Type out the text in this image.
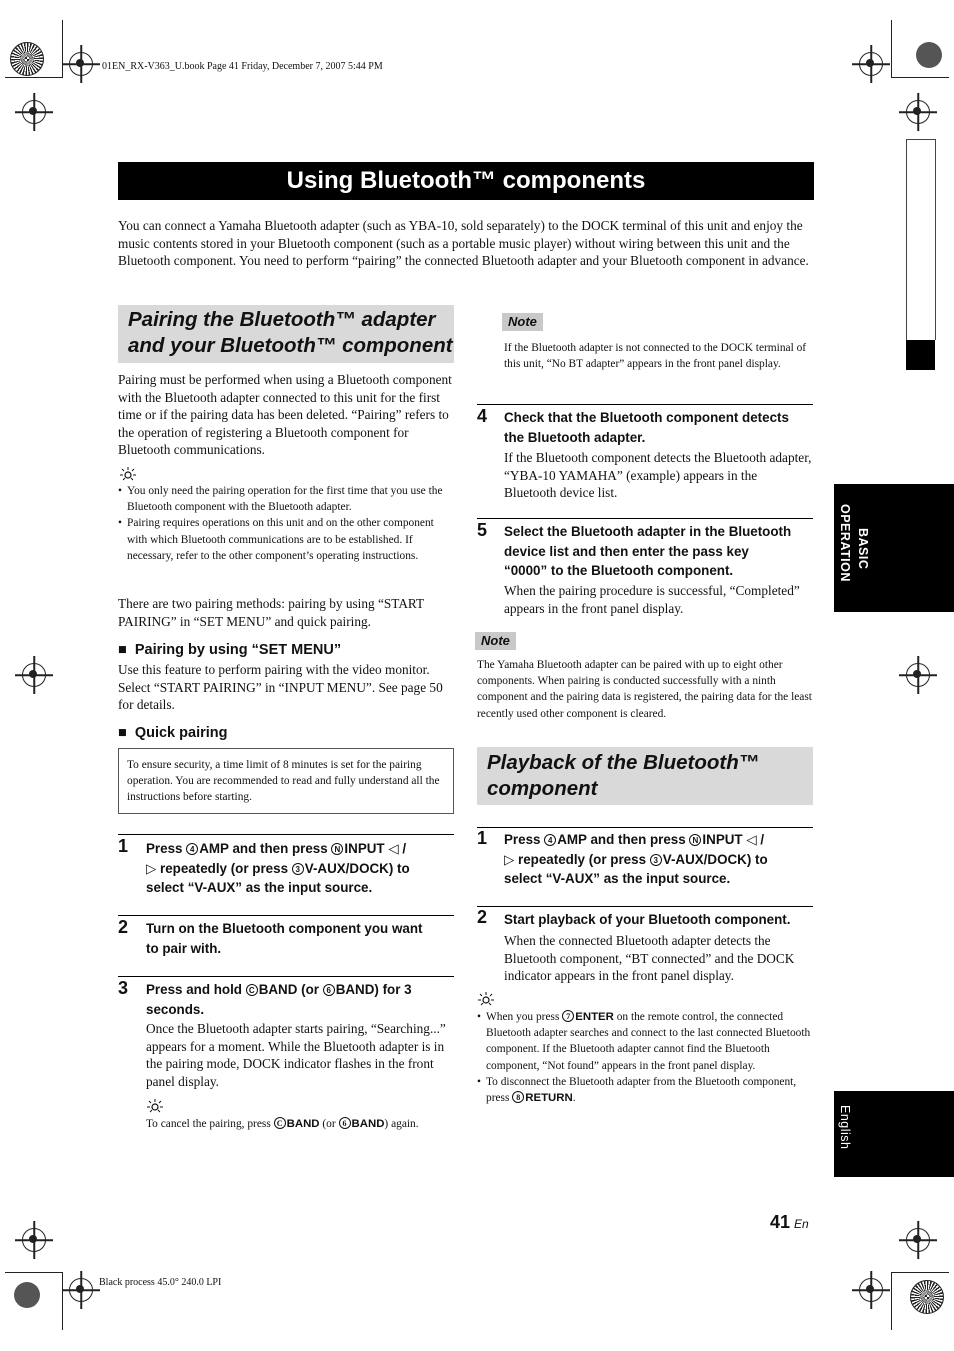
01EN_RX-V363_U.book Page 41 Friday, December 7, 2007 5:44 PM
Using Bluetooth™ components
You can connect a Yamaha Bluetooth adapter (such as YBA-10, sold separately) to the DOCK terminal of this unit and enjoy the music contents stored in your Bluetooth component (such as a portable music player) without wiring between this unit and the Bluetooth component. You need to perform “pairing” the connected Bluetooth adapter and your Bluetooth component in advance.
Pairing the Bluetooth™ adapter
and your Bluetooth™ component
Pairing must be performed when using a Bluetooth component with the Bluetooth adapter connected to this unit for the first time or if the pairing data has been deleted. “Pairing” refers to the operation of registering a Bluetooth component for Bluetooth communications.
• You only need the pairing operation for the first time that you use the Bluetooth component with the Bluetooth adapter.
• Pairing requires operations on this unit and on the other component with which Bluetooth communications are to be established. If necessary, refer to the other component’s operating instructions.
There are two pairing methods: pairing by using “START PAIRING” in “SET MENU” and quick pairing.
■ Pairing by using “SET MENU”
Use this feature to perform pairing with the video monitor. Select “START PAIRING” in “INPUT MENU”. See page 50 for details.
■ Quick pairing
To ensure security, a time limit of 8 minutes is set for the pairing operation. You are recommended to read and fully understand all the instructions before starting.
1 Press 4 AMP and then press N INPUT ◁ /
▷ repeatedly (or press 3 V-AUX/DOCK) to
select “V-AUX” as the input source.
2 Turn on the Bluetooth component you want
to pair with.
3 Press and hold C BAND (or 6 BAND) for 3
seconds.
Once the Bluetooth adapter starts pairing, “Searching...” appears for a moment. While the Bluetooth adapter is in the pairing mode, DOCK indicator flashes in the front panel display.
To cancel the pairing, press C BAND (or 6 BAND) again.
Note
If the Bluetooth adapter is not connected to the DOCK terminal of this unit, “No BT adapter” appears in the front panel display.
4 Check that the Bluetooth component detects
the Bluetooth adapter.
If the Bluetooth component detects the Bluetooth adapter, “YBA-10 YAMAHA” (example) appears in the Bluetooth device list.
5 Select the Bluetooth adapter in the Bluetooth
device list and then enter the pass key
“0000” to the Bluetooth component.
When the pairing procedure is successful, “Completed” appears in the front panel display.
Note
The Yamaha Bluetooth adapter can be paired with up to eight other components. When pairing is conducted successfully with a ninth component and the pairing data is registered, the pairing data for the least recently used other component is cleared.
Playback of the Bluetooth™
component
1 Press 4 AMP and then press N INPUT ◁ /
▷ repeatedly (or press 3 V-AUX/DOCK) to
select “V-AUX” as the input source.
2 Start playback of your Bluetooth component.
When the connected Bluetooth adapter detects the Bluetooth component, “BT connected” and the DOCK indicator appears in the front panel display.
• When you press 7 ENTER on the remote control, the connected Bluetooth adapter searches and connect to the last connected Bluetooth component. If the Bluetooth adapter cannot find the Bluetooth component, “Not found” appears in the front panel display.
• To disconnect the Bluetooth adapter from the Bluetooth component, press 8 RETURN.
BASIC
OPERATION
English
41 En
Black process 45.0° 240.0 LPI
